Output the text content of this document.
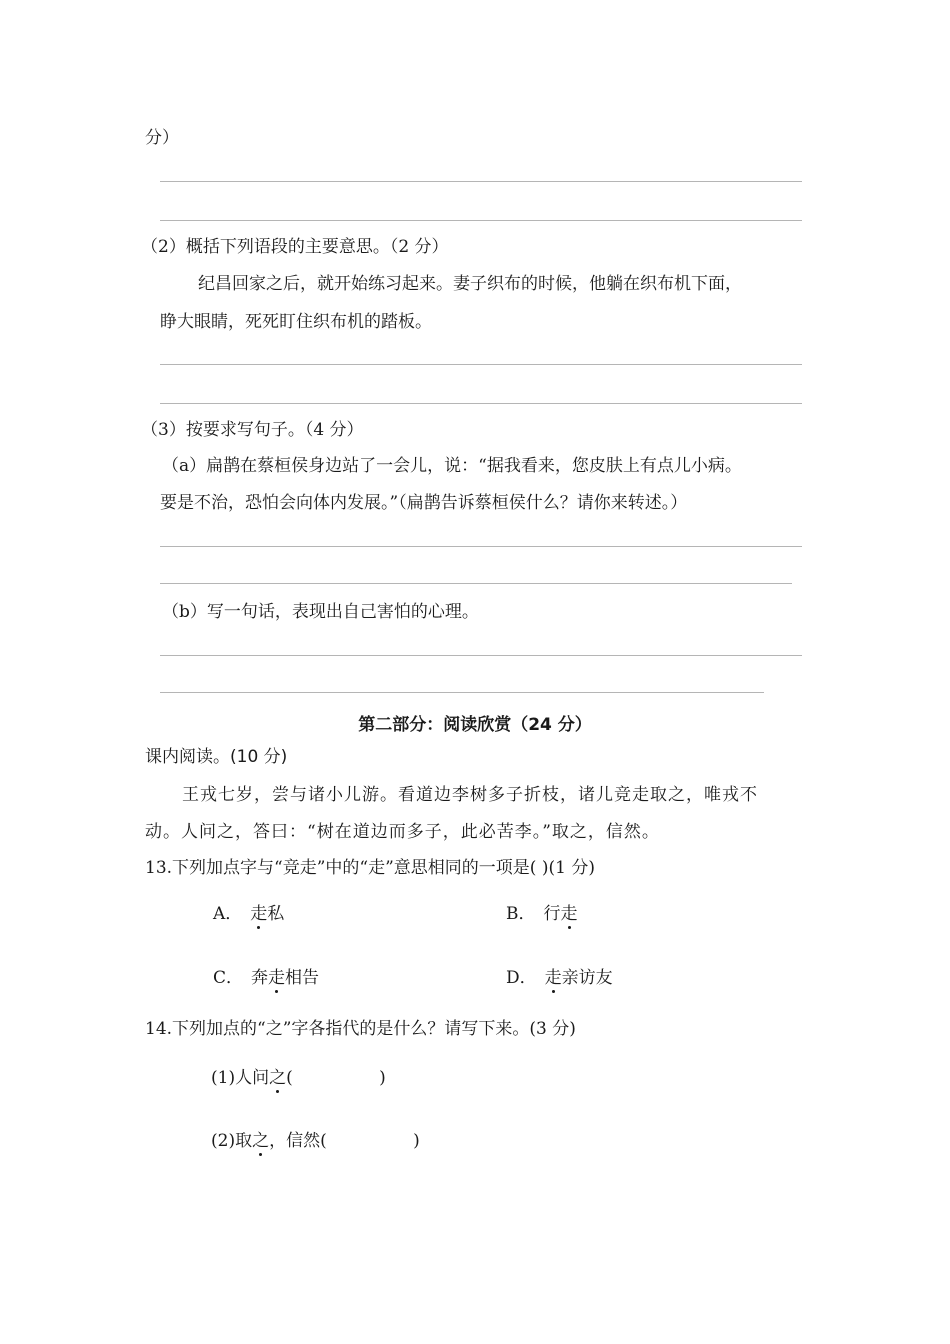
分）
（2）概括下列语段的主要意思。（2 分）
纪昌回家之后，就开始练习起来。妻子织布的时候，他躺在织布机下面，
睁大眼睛，死死盯住织布机的踏板。
（3）按要求写句子。（4 分）
（a）扁鹊在蔡桓侯身边站了一会儿，说：“据我看来，您皮肤上有点儿小病。
要是不治，恐怕会向体内发展。”（扁鹊告诉蔡桓侯什么？请你来转述。）
（b）写一句话，表现出自己害怕的心理。
第二部分：阅读欣赏（24 分）
课内阅读。(10 分)
王戎七岁，尝与诸小儿游。看道边李树多子折枝，诸儿竞走取之，唯戎不
动。人问之，答曰：“树在道边而多子，此必苦李。”取之，信然。
13.下列加点字与“竞走”中的“走”意思相同的一项是( )(1 分)
A． 走私	B． 行走
C． 奔走相告	D． 走亲访友
14.下列加点的“之”字各指代的是什么？请写下来。(3 分)
(1)人问之(                )
(2)取之，信然(                )
